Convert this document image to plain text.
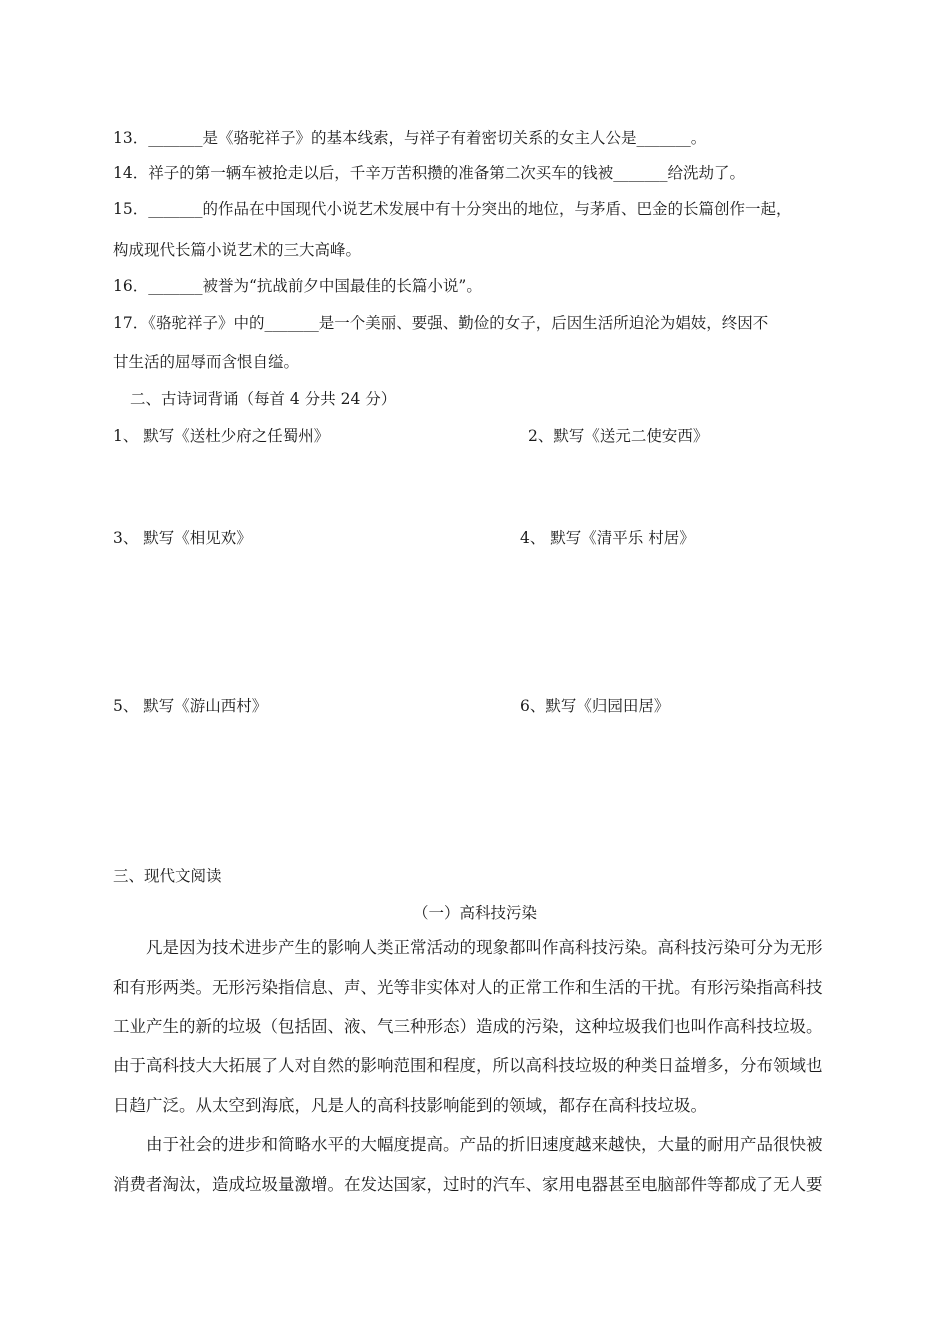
13．_______是《骆驼祥子》的基本线索，与祥子有着密切关系的女主人公是_______。
14．祥子的第一辆车被抢走以后，千辛万苦积攒的准备第二次买车的钱被_______给洗劫了。
15．_______的作品在中国现代小说艺术发展中有十分突出的地位，与茅盾、巴金的长篇创作一起，
构成现代长篇小说艺术的三大高峰。
16．_______被誉为“抗战前夕中国最佳的长篇小说”。
17．《骆驼祥子》中的_______是一个美丽、要强、勤俭的女子，后因生活所迫沦为娼妓，终因不
甘生活的屈辱而含恨自缢。
二、古诗词背诵（每首 4 分共 24 分）
1、 默写《送杜少府之任蜀州》	2、默写《送元二使安西》
3、 默写《相见欢》	4、 默写《清平乐 村居》
5、 默写《游山西村》	6、默写《归园田居》
三、现代文阅读
（一）高科技污染
凡是因为技术进步产生的影响人类正常活动的现象都叫作高科技污染。高科技污染可分为无形
和有形两类。无形污染指信息、声、光等非实体对人的正常工作和生活的干扰。有形污染指高科技
工业产生的新的垃圾（包括固、液、气三种形态）造成的污染，这种垃圾我们也叫作高科技垃圾。
由于高科技大大拓展了人对自然的影响范围和程度，所以高科技垃圾的种类日益增多，分布领域也
日趋广泛。从太空到海底，凡是人的高科技影响能到的领域，都存在高科技垃圾。
由于社会的进步和简略水平的大幅度提高。产品的折旧速度越来越快，大量的耐用产品很快被
消费者淘汰，造成垃圾量激增。在发达国家，过时的汽车、家用电器甚至电脑部件等都成了无人要
